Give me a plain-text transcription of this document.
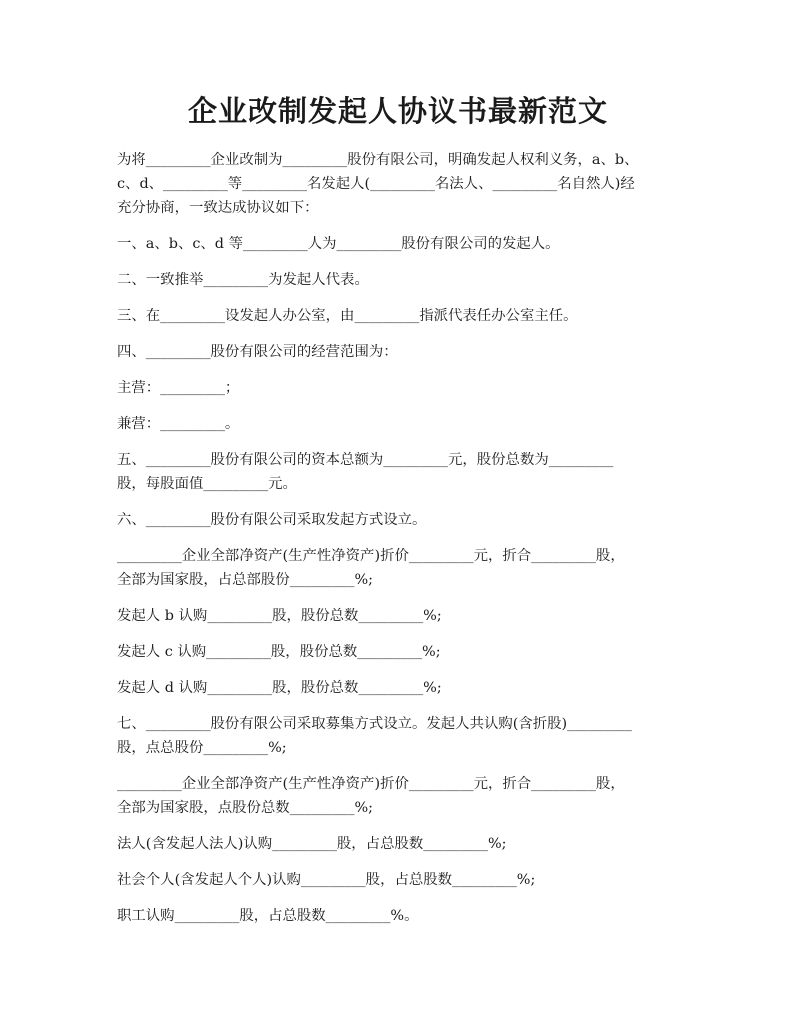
企业改制发起人协议书最新范文
为将_________企业改制为_________股份有限公司，明确发起人权利义务，a、b、
c、d、_________等_________名发起人(_________名法人、_________名自然人)经
充分协商，一致达成协议如下：
一、a、b、c、d 等_________人为_________股份有限公司的发起人。
二、一致推举_________为发起人代表。
三、在_________设发起人办公室，由_________指派代表任办公室主任。
四、_________股份有限公司的经营范围为：
主营：_________；
兼营：_________。
五、_________股份有限公司的资本总额为_________元，股份总数为_________
股，每股面值_________元。
六、_________股份有限公司采取发起方式设立。
_________企业全部净资产(生产性净资产)折价_________元，折合_________股，
全部为国家股，占总部股份_________%;
发起人 b 认购_________股，股份总数_________%;
发起人 c 认购_________股，股份总数_________%;
发起人 d 认购_________股，股份总数_________%;
七、_________股份有限公司采取募集方式设立。发起人共认购(含折股)_________
股，点总股份_________%;
_________企业全部净资产(生产性净资产)折价_________元，折合_________股，
全部为国家股，点股份总数_________%;
法人(含发起人法人)认购_________股，占总股数_________%;
社会个人(含发起人个人)认购_________股，占总股数_________%;
职工认购_________股，占总股数_________%。
